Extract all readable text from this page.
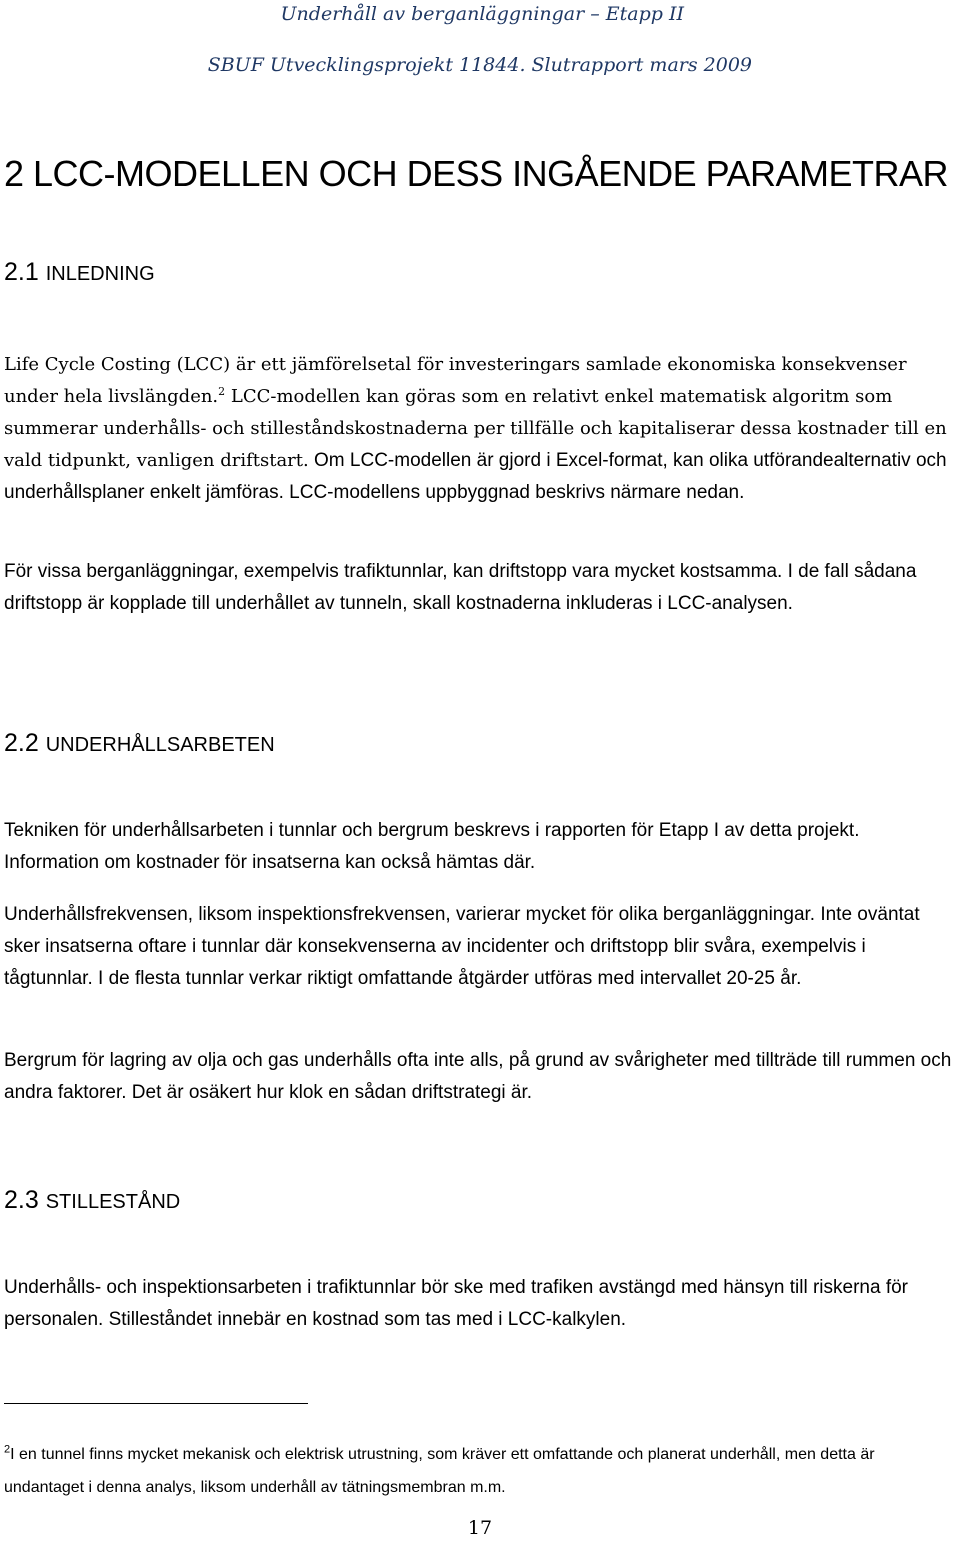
Underhåll av berganläggningar – Etapp II
SBUF Utvecklingsprojekt 11844. Slutrapport mars 2009
2 LCC-MODELLEN OCH DESS INGÅENDE PARAMETRAR
2.1 INLEDNING

Life Cycle Costing (LCC) är ett jämförelsetal för investeringars samlade ekonomiska konsekvenser under hela livslängden.$^2$ LCC-modellen kan göras som en relativt enkel matematisk algoritm som summerar underhålls- och stilleståndskostnaderna per tillfälle och kapitaliserar dessa kostnader till en vald tidpunkt, vanligen driftstart. Om LCC-modellen är gjord i Excel-format, kan olika utförandealternativ och underhållsplaner enkelt jämföras. LCC-modellens uppbyggnad beskrivs närmare nedan.

För vissa berganläggningar, exempelvis trafiktunnlar, kan driftstopp vara mycket kostsamma. I de fall sådana driftstopp är kopplade till underhållet av tunneln, skall kostnaderna inkluderas i LCC-analysen.

2.2 UNDERHÅLLSARBETEN

Tekniken för underhållsarbeten i tunnlar och bergrum beskrevs i rapporten för Etapp I av detta projekt. Information om kostnader för insatserna kan också hämtas där.

Underhållsfrekvensen, liksom inspektionsfrekvensen, varierar mycket för olika berganläggningar. Inte oväntat sker insatserna oftare i tunnlar där konsekvenserna av incidenter och driftstopp blir svåra, exempelvis i tågtunnlar. I de flesta tunnlar verkar riktigt omfattande åtgärder utföras med intervallet 20-25 år.

Bergrum för lagring av olja och gas underhålls ofta inte alls, på grund av svårigheter med tillträde till rummen och andra faktorer. Det är osäkert hur klok en sådan driftstrategi är.

2.3 STILLESTÅND

Underhålls- och inspektionsarbeten i trafiktunnlar bör ske med trafiken avstängd med hänsyn till riskerna för personalen. Stilleståndet innebär en kostnad som tas med i LCC-kalkylen.

$^2$I en tunnel finns mycket mekanisk och elektrisk utrustning, som kräver ett omfattande och planerat underhåll, men detta är undantaget i denna analys, liksom underhåll av tätningsmembran m.m.

17
